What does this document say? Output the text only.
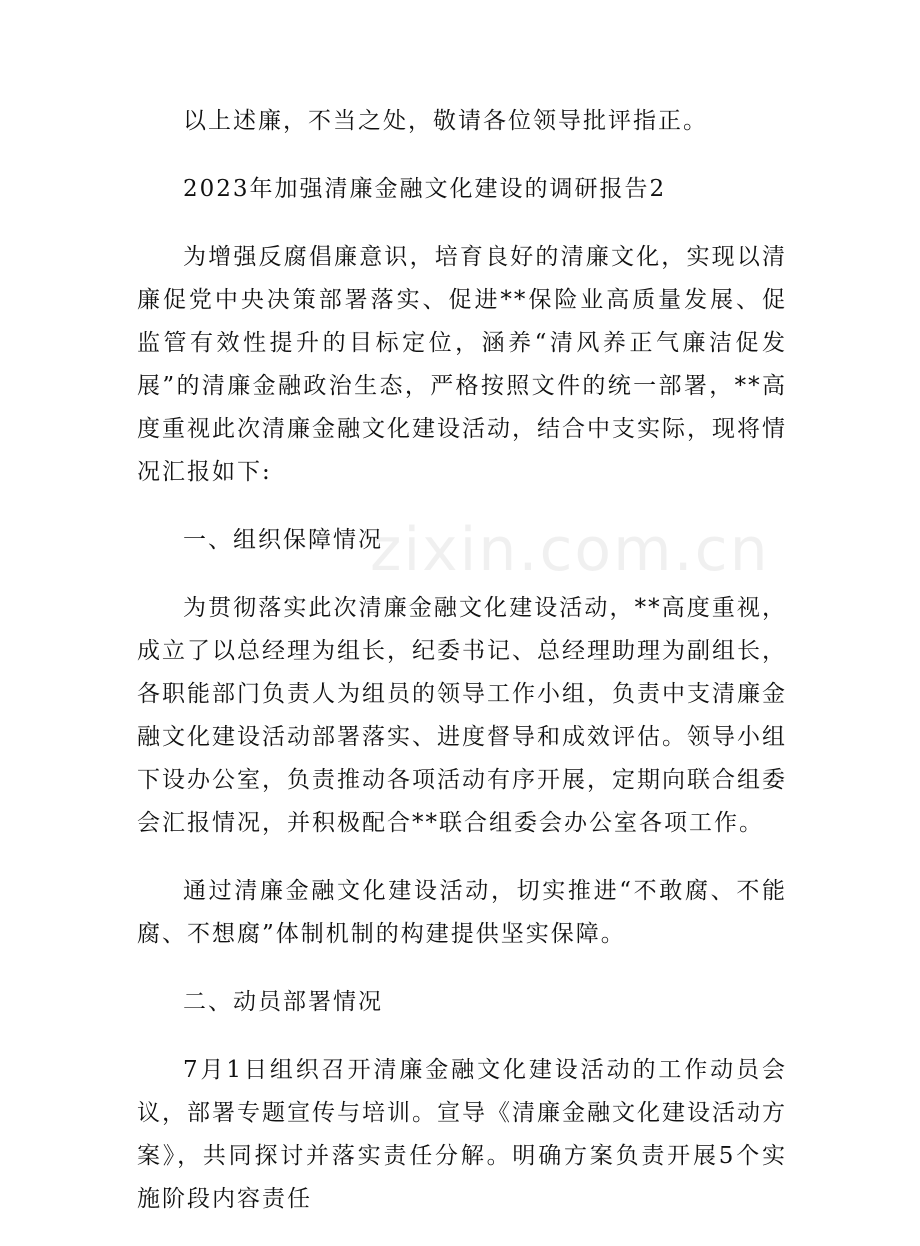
以上述廉，不当之处，敬请各位领导批评指正。

2023年加强清廉金融文化建设的调研报告2

为增强反腐倡廉意识，培育良好的清廉文化，实现以清廉促党中央决策部署落实、促进**保险业高质量发展、促监管有效性提升的目标定位，涵养“清风养正气廉洁促发展”的清廉金融政治生态，严格按照文件的统一部署，**高度重视此次清廉金融文化建设活动，结合中支实际，现将情况汇报如下:

一、组织保障情况

为贯彻落实此次清廉金融文化建设活动，**高度重视，成立了以总经理为组长，纪委书记、总经理助理为副组长，各职能部门负责人为组员的领导工作小组，负责中支清廉金融文化建设活动部署落实、进度督导和成效评估。领导小组下设办公室，负责推动各项活动有序开展，定期向联合组委会汇报情况，并积极配合**联合组委会办公室各项工作。

通过清廉金融文化建设活动，切实推进“不敢腐、不能腐、不想腐”体制机制的构建提供坚实保障。

二、动员部署情况

7月1日组织召开清廉金融文化建设活动的工作动员会议，部署专题宣传与培训。宣导《清廉金融文化建设活动方案》，共同探讨并落实责任分解。明确方案负责开展5个实施阶段内容责任

zixin.com.cn
